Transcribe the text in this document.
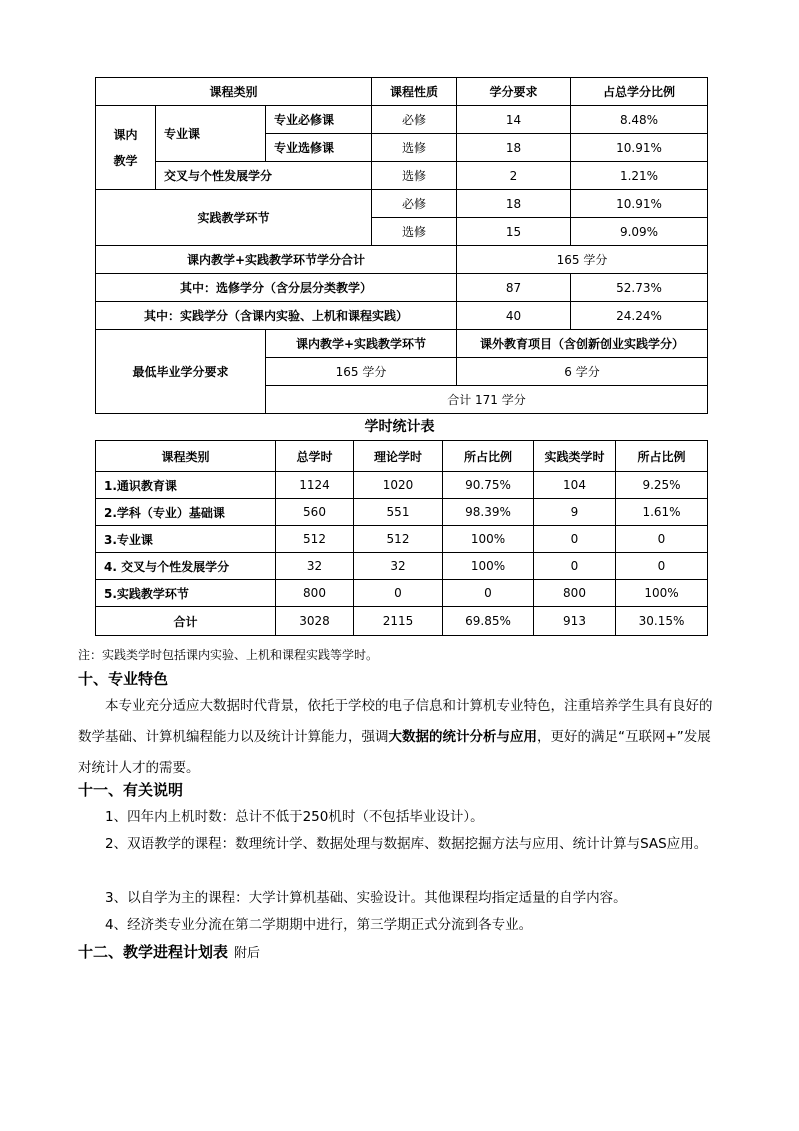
课程类别			课程性质	学分要求	占总学分比例
课内
教学	专业课	专业必修课	必修	14	8.48%
		专业选修课	选修	18	10.91%
	交叉与个性发展学分		选修	2	1.21%
实践教学环节			必修	18	10.91%
			选修	15	9.09%
课内教学+实践教学环节学分合计				165 学分	
其中：选修学分（含分层分类教学）				87	52.73%
其中：实践学分（含课内实验、上机和课程实践）				40	24.24%
最低毕业学分要求		课内教学+实践教学环节		课外教育项目（含创新创业实践学分）	
		165 学分		6 学分	
		合计 171 学分			
学时统计表
课程类别	总学时	理论学时	所占比例	实践类学时	所占比例
1.通识教育课	1124	1020	90.75%	104	9.25%
2.学科（专业）基础课	560	551	98.39%	9	1.61%
3.专业课	512	512	100%	0	0
4. 交叉与个性发展学分	32	32	100%	0	0
5.实践教学环节	800	0	0	800	100%
合计	3028	2115	69.85%	913	30.15%
注：实践类学时包括课内实验、上机和课程实践等学时。
十、专业特色
本专业充分适应大数据时代背景，依托于学校的电子信息和计算机专业特色，注重培养学生具有良好的数学基础、计算机编程能力以及统计计算能力，强调大数据的统计分析与应用，更好的满足“互联网+”发展对统计人才的需要。
十一、有关说明
1、四年内上机时数：总计不低于250机时（不包括毕业设计）。
2、双语教学的课程：数理统计学、数据处理与数据库、数据挖掘方法与应用、统计计算与SAS应用。
3、以自学为主的课程：大学计算机基础、实验设计。其他课程均指定适量的自学内容。
4、经济类专业分流在第二学期期中进行，第三学期正式分流到各专业。
十二、教学进程计划表 附后
